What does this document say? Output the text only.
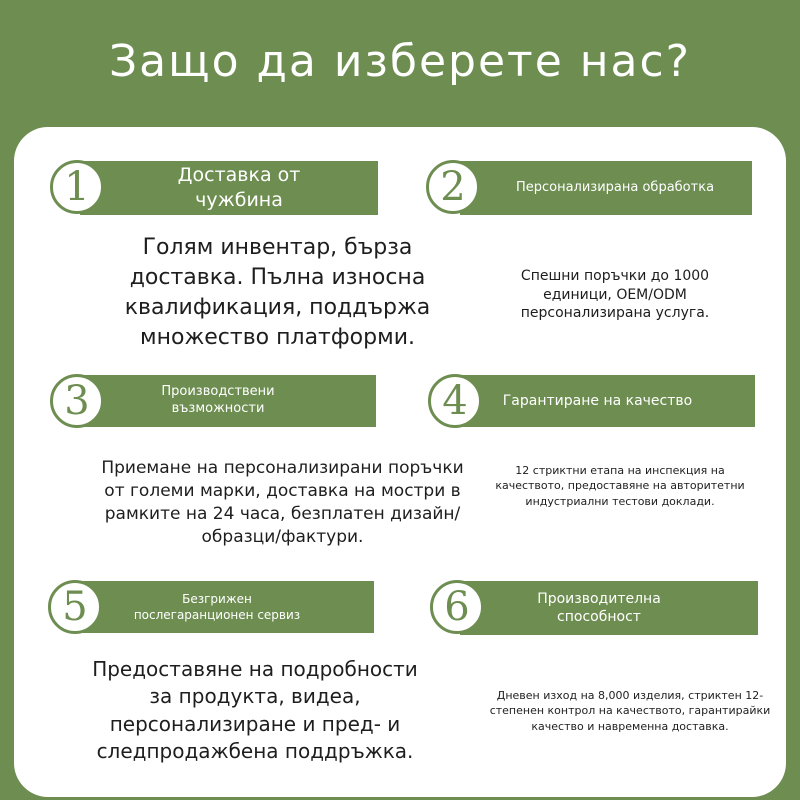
Защо да изберете нас?
Доставка от чужбина
1
Голям инвентар, бърза доставка. Пълна износна квалификация, поддържа множество платформи.
Персонализирана обработка
2
Спешни поръчки до 1000 единици, OEM/ODM персонализирана услуга.
Производствени възможности
3
Приемане на персонализирани поръчки от големи марки, доставка на мостри в рамките на 24 часа, безплатен дизайн/образци/фактури.
Гарантиране на качество
4
12 стриктни етапа на инспекция на качеството, предоставяне на авторитетни индустриални тестови доклади.
Безгрижен послегаранционен сервиз
5
Предоставяне на подробности за продукта, видеа, персонализиране и пред- и следпродажбена поддръжка.
Производителна способност
6
Дневен изход на 8,000 изделия, стриктен 12-степенен контрол на качеството, гарантирайки качество и навременна доставка.
